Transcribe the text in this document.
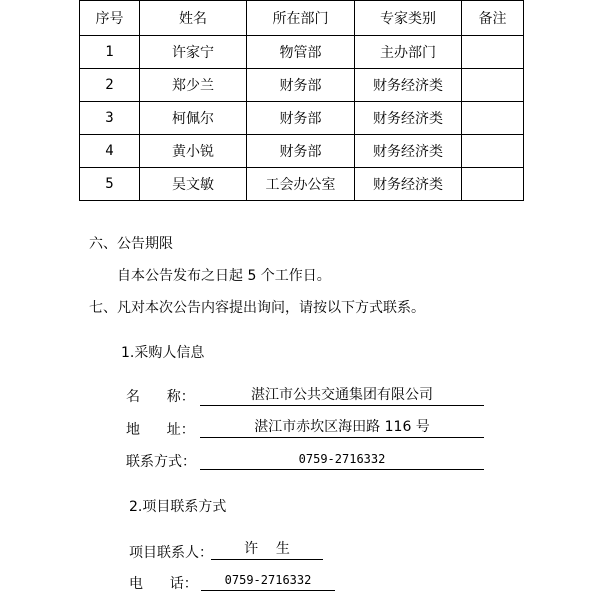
序号	姓名	所在部门	专家类别	备注
1	许家宁	物管部	主办部门	
2	郑少兰	财务部	财务经济类	
3	柯佩尔	财务部	财务经济类	
4	黄小锐	财务部	财务经济类	
5	吴文敏	工会办公室	财务经济类	
六、公告期限
自本公告发布之日起 5 个工作日。
七、凡对本次公告内容提出询问，请按以下方式联系。
1.采购人信息
名      称：	湛江市公共交通集团有限公司
地      址：	湛江市赤坎区海田路 116 号
联系方式：	0759-2716332
2.项目联系方式
项目联系人：	许    生
电      话：	0759-2716332
